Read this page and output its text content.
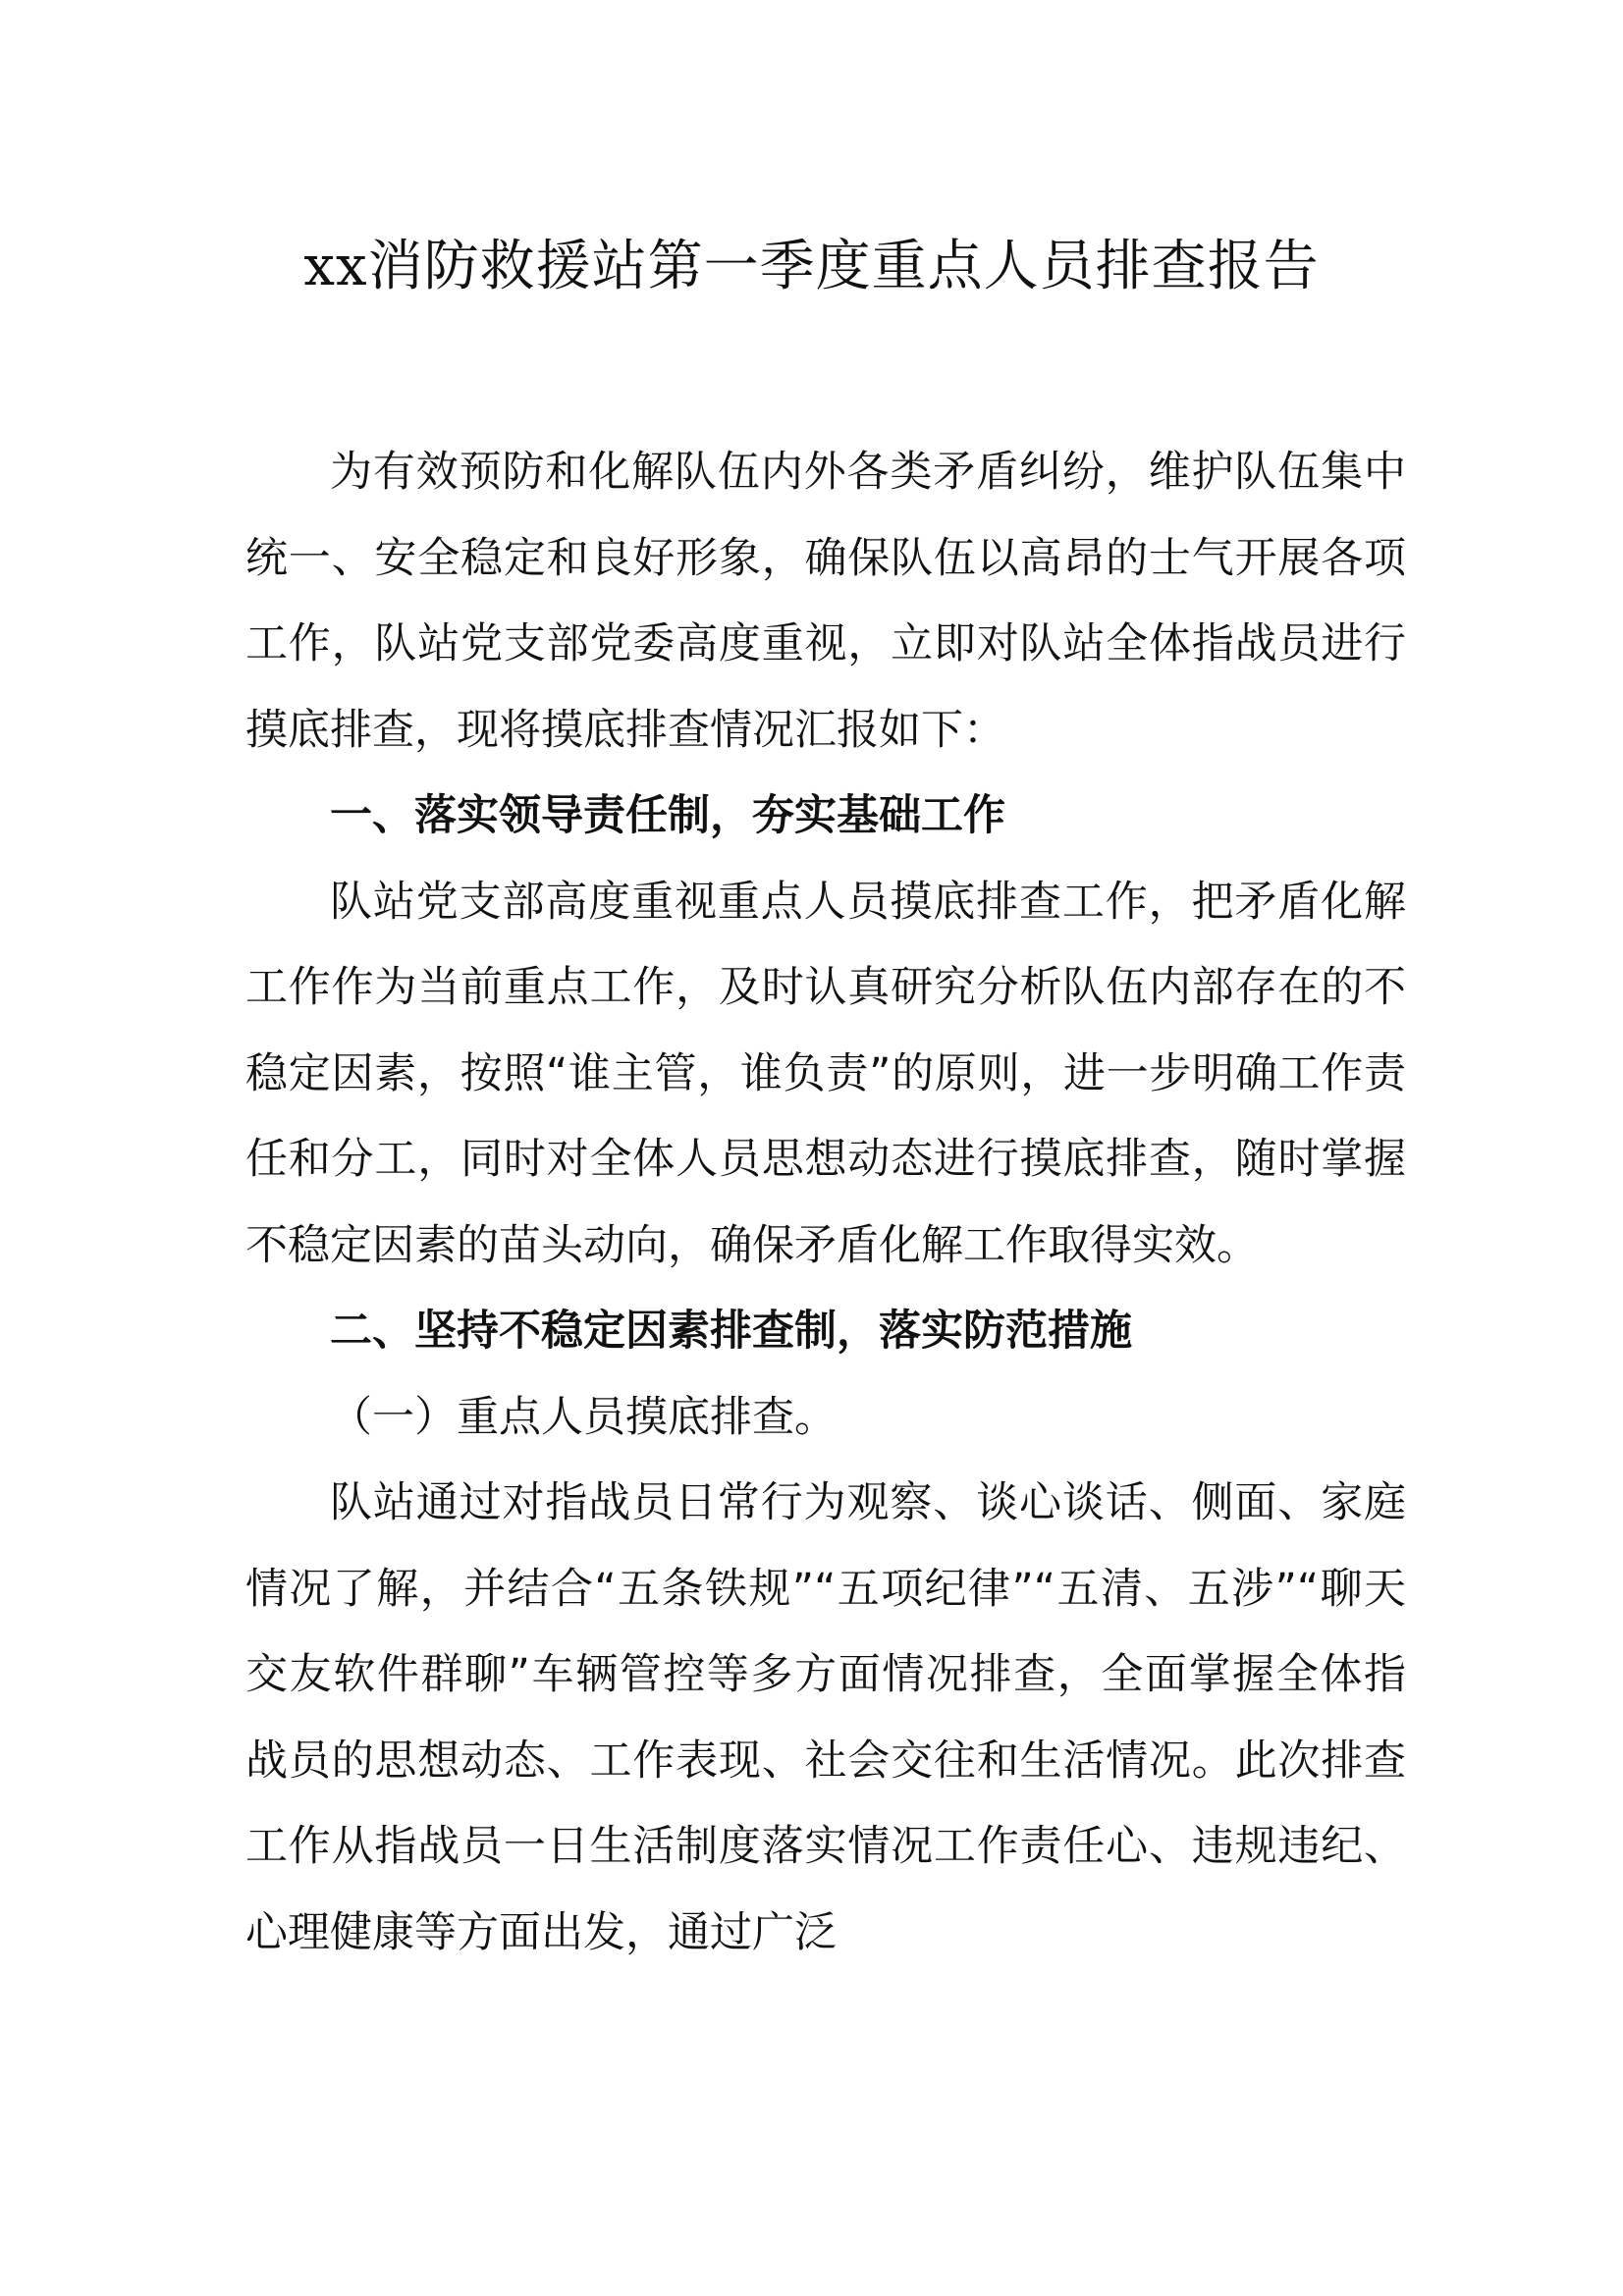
xx消防救援站第一季度重点人员排查报告

为有效预防和化解队伍内外各类矛盾纠纷，维护队伍集中统一、安全稳定和良好形象，确保队伍以高昂的士气开展各项工作，队站党支部党委高度重视，立即对队站全体指战员进行摸底排查，现将摸底排查情况汇报如下：

一、落实领导责任制，夯实基础工作

队站党支部高度重视重点人员摸底排查工作，把矛盾化解工作作为当前重点工作，及时认真研究分析队伍内部存在的不稳定因素，按照“谁主管，谁负责”的原则，进一步明确工作责任和分工，同时对全体人员思想动态进行摸底排查，随时掌握不稳定因素的苗头动向，确保矛盾化解工作取得实效。

二、坚持不稳定因素排查制，落实防范措施

（一）重点人员摸底排查。

队站通过对指战员日常行为观察、谈心谈话、侧面、家庭情况了解，并结合“五条铁规”“五项纪律”“五清、五涉”“聊天交友软件群聊”车辆管控等多方面情况排查，全面掌握全体指战员的思想动态、工作表现、社会交往和生活情况。此次排查工作从指战员一日生活制度落实情况工作责任心、违规违纪、心理健康等方面出发，通过广泛
